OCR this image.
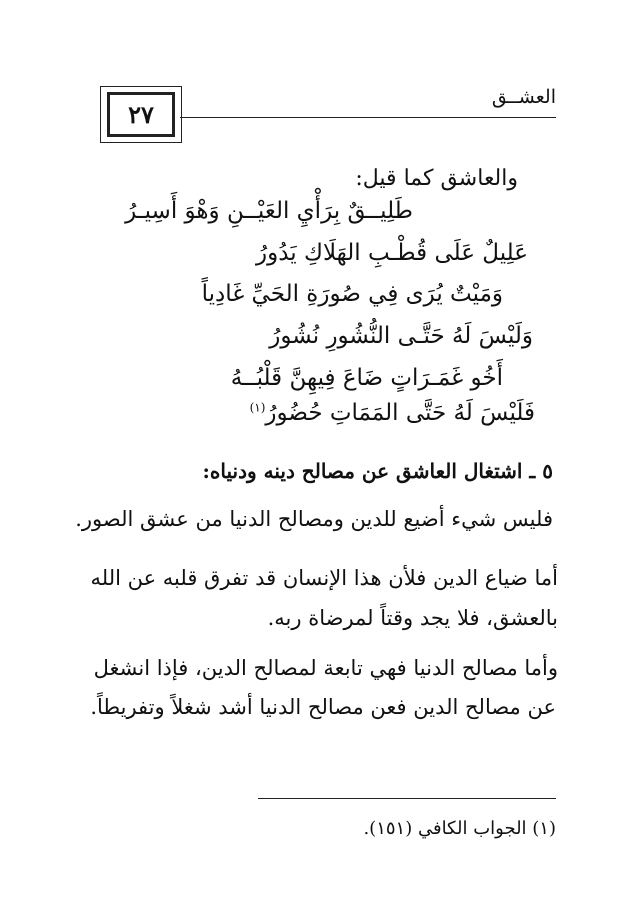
العشــق
٢٧
والعاشق كما قيل:
طَلِيــقٌ بِرَأْيِ العَيْــنِ وَهْوَ أَسِيـرُ
عَلِيلٌ عَلَى قُطْـبِ الهَلَاكِ يَدُورُ
وَمَيْتٌ يُرَى فِي صُورَةِ الحَيِّ غَادِياً
وَلَيْسَ لَهُ حَتَّـى النُّشُورِ نُشُورُ
أَخُو غَمَـرَاتٍ ضَاعَ فِيهِنَّ قَلْبُــهُ
فَلَيْسَ لَهُ حَتَّى المَمَاتِ حُضُورُ$^{(١)}$
٥ ـ اشتغال العاشق عن مصالح دينه ودنياه:
فليس شيء أضيع للدين ومصالح الدنيا من عشق الصور.
أما ضياع الدين فلأن هذا الإنسان قد تفرق قلبه عن الله
بالعشق، فلا يجد وقتاً لمرضاة ربه.
وأما مصالح الدنيا فهي تابعة لمصالح الدين، فإذا انشغل
عن مصالح الدين فعن مصالح الدنيا أشد شغلاً وتفريطاً.
(١) الجواب الكافي (١٥١).
